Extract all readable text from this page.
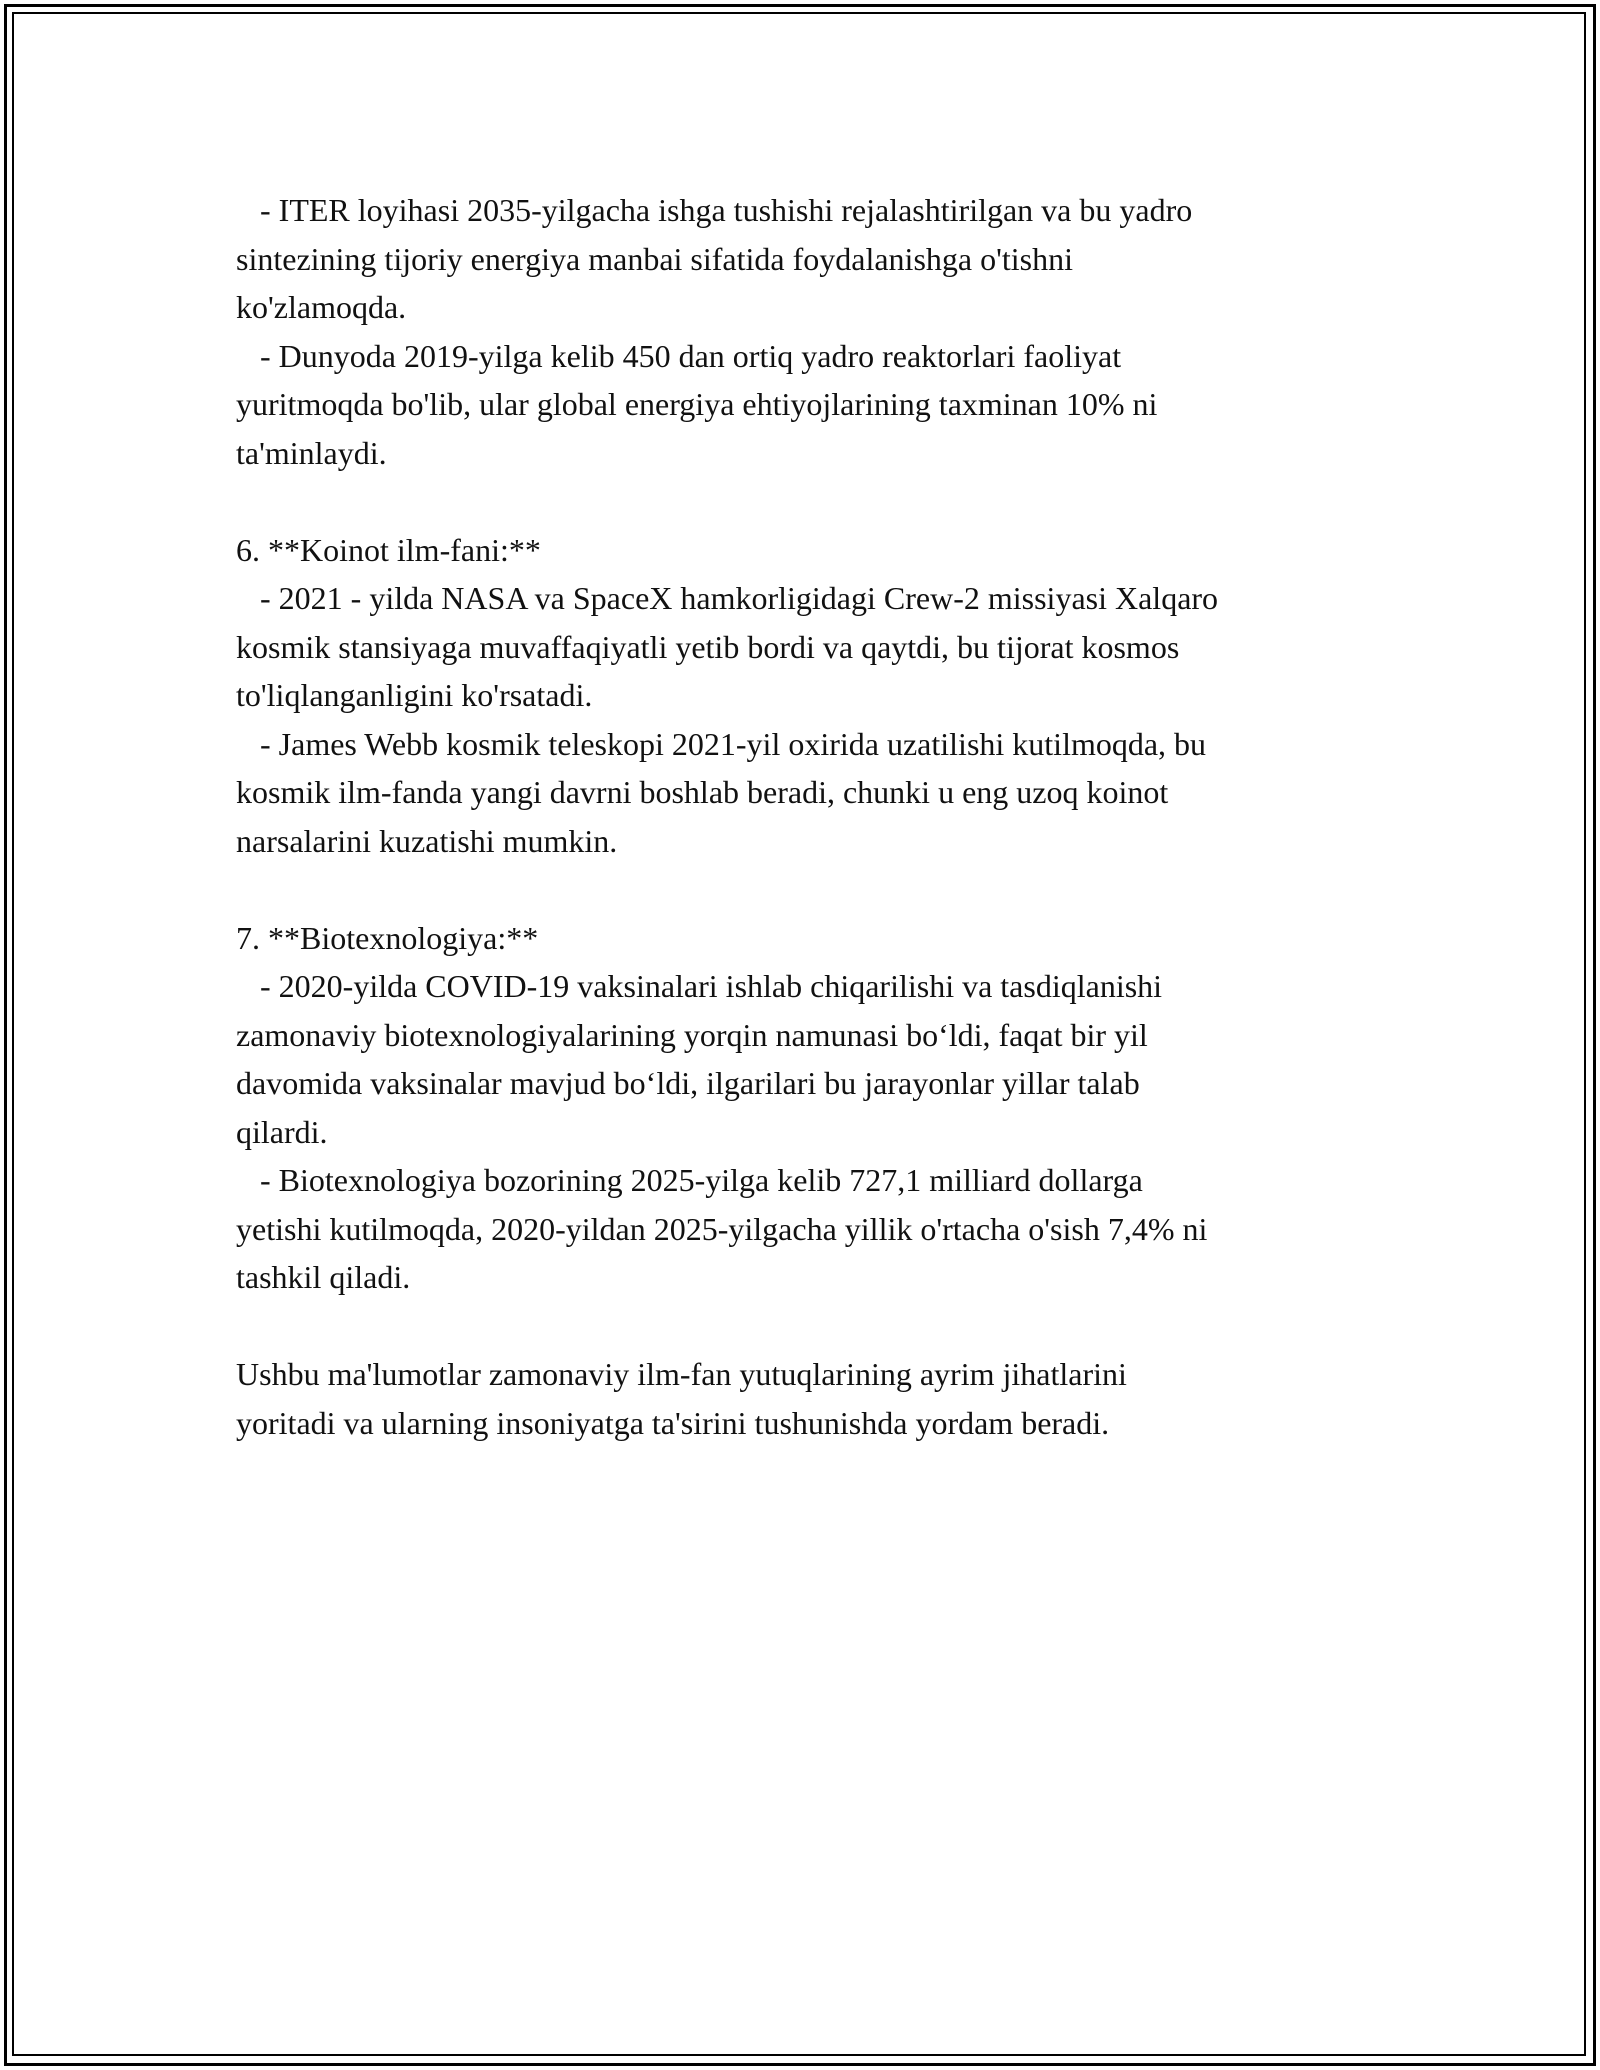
- ITER loyihasi 2035-yilgacha ishga tushishi rejalashtirilgan va bu yadro
sintezining tijoriy energiya manbai sifatida foydalanishga o'tishni
ko'zlamoqda.
- Dunyoda 2019-yilga kelib 450 dan ortiq yadro reaktorlari faoliyat
yuritmoqda bo'lib, ular global energiya ehtiyojlarining taxminan 10% ni
ta'minlaydi.
6. **Koinot ilm-fani:**
- 2021 - yilda NASA va SpaceX hamkorligidagi Crew-2 missiyasi Xalqaro
kosmik stansiyaga muvaffaqiyatli yetib bordi va qaytdi, bu tijorat kosmos
to'liqlanganligini ko'rsatadi.
- James Webb kosmik teleskopi 2021-yil oxirida uzatilishi kutilmoqda, bu
kosmik ilm-fanda yangi davrni boshlab beradi, chunki u eng uzoq koinot
narsalarini kuzatishi mumkin.
7. **Biotexnologiya:**
- 2020-yilda COVID-19 vaksinalari ishlab chiqarilishi va tasdiqlanishi
zamonaviy biotexnologiyalarining yorqin namunasi bo‘ldi, faqat bir yil
davomida vaksinalar mavjud bo‘ldi, ilgarilari bu jarayonlar yillar talab
qilardi.
- Biotexnologiya bozorining 2025-yilga kelib 727,1 milliard dollarga
yetishi kutilmoqda, 2020-yildan 2025-yilgacha yillik o'rtacha o'sish 7,4% ni
tashkil qiladi.
Ushbu ma'lumotlar zamonaviy ilm-fan yutuqlarining ayrim jihatlarini
yoritadi va ularning insoniyatga ta'sirini tushunishda yordam beradi.
